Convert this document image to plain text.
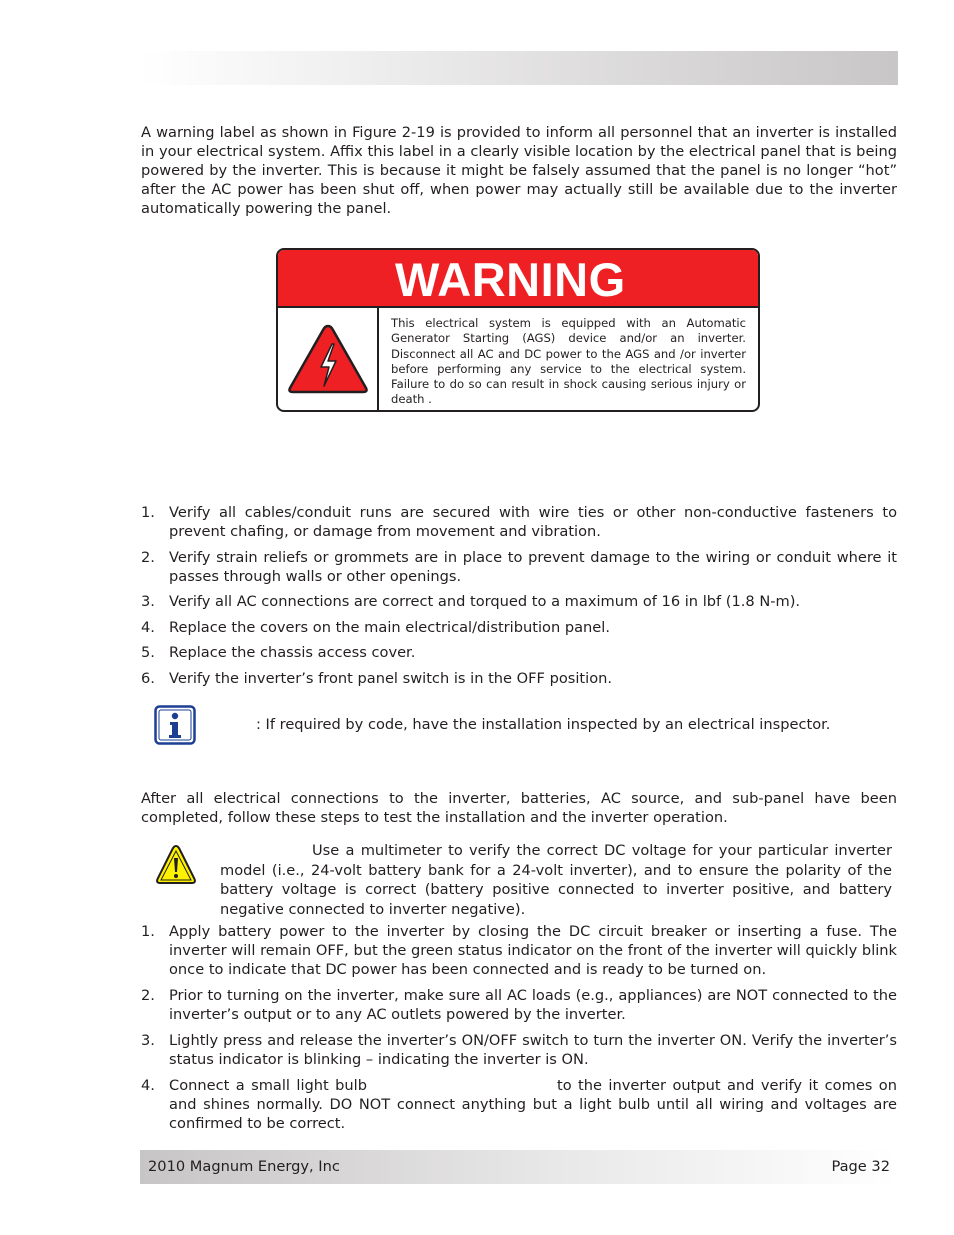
A warning label as shown in Figure 2-19 is provided to inform all personnel that an inverter is installed in your electrical system. Affix this label in a clearly visible location by the electrical panel that is being powered by the inverter. This is because it might be falsely assumed that the panel is no longer “hot” after the AC power has been shut off, when power may actually still be available due to the inverter automatically powering the panel.

WARNING
This electrical system is equipped with an Automatic Generator Starting (AGS) device and/or an inverter. Disconnect all AC and DC power to the AGS and /or inverter before performing any service to the electrical system. Failure to do so can result in shock causing serious injury or death .
1. Verify all cables/conduit runs are secured with wire ties or other non-conductive fasteners to prevent chafing, or damage from movement and vibration.
2. Verify strain reliefs or grommets are in place to prevent damage to the wiring or conduit where it passes through walls or other openings.
3. Verify all AC connections are correct and torqued to a maximum of 16 in lbf (1.8 N-m).
4. Replace the covers on the main electrical/distribution panel.
5. Replace the chassis access cover.
6. Verify the inverter’s front panel switch is in the OFF position.
: If required by code, have the installation inspected by an electrical inspector.

After all electrical connections to the inverter, batteries, AC source, and sub-panel have been completed, follow these steps to test the installation and the inverter operation.

Use a multimeter to verify the correct DC voltage for your particular inverter model (i.e., 24-volt battery bank for a 24-volt inverter), and to ensure the polarity of the battery voltage is correct (battery positive connected to inverter positive, and battery negative connected to inverter negative).

1. Apply battery power to the inverter by closing the DC circuit breaker or inserting a fuse. The inverter will remain OFF, but the green status indicator on the front of the inverter will quickly blink once to indicate that DC power has been connected and is ready to be turned on.
2. Prior to turning on the inverter, make sure all AC loads (e.g., appliances) are NOT connected to the inverter’s output or to any AC outlets powered by the inverter.
3. Lightly press and release the inverter’s ON/OFF switch to turn the inverter ON. Verify the inverter’s status indicator is blinking – indicating the inverter is ON.
4. Connect a small light bulb	to the inverter output and verify it comes on and shines normally. DO NOT connect anything but a light bulb until all wiring and voltages are confirmed to be correct.
2010 Magnum Energy, Inc	Page 32
